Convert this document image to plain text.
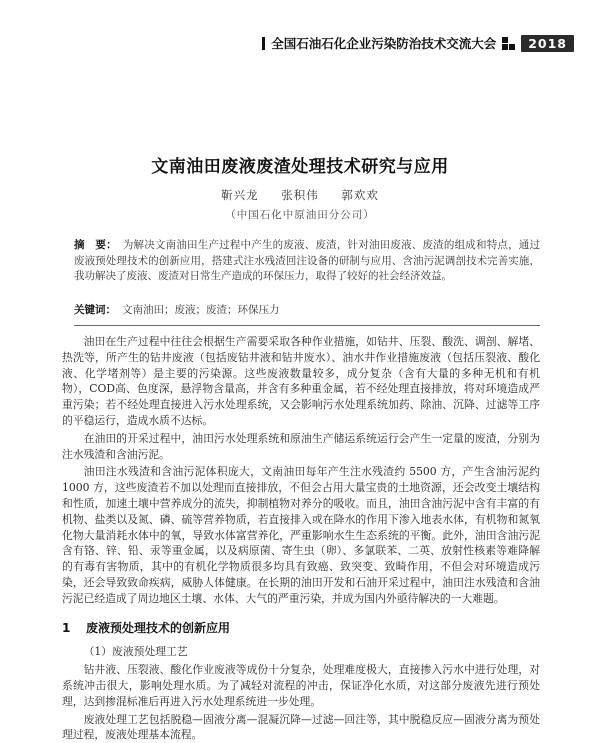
全国石油石化企业污染防治技术交流大会	2018
文南油田废液废渣处理技术研究与应用
靳兴龙 张积伟 郭欢欢
（中国石化中原油田分公司）
摘　要： 为解决文南油田生产过程中产生的废液、废渣，针对油田废液、废渣的组成和特点，通过废液预处理技术的创新应用，搭建式注水残渣回注设备的研制与应用、含油污泥调剖技术完善实施，我功解决了废液、废渣对日常生产造成的环保压力，取得了较好的社会经济效益。
关键词： 文南油田；废液；废渣；环保压力

油田在生产过程中往往会根据生产需要采取各种作业措施，如钻井、压裂、酸洗、调剖、解堵、热洗等，所产生的钻井废液（包括废钻井液和钻井废水）、油水井作业措施废液（包括压裂液、酸化液、化学堵剂等）是主要的污染源。这些废液数量较多，成分复杂（含有大量的多种无机和有机物），COD高、色度深，悬浮物含量高，并含有多种重金属，若不经处理直接排放，将对环境造成严重污染；若不经处理直接进入污水处理系统，又会影响污水处理系统加药、除油、沉降、过滤等工序的平稳运行，造成水质不达标。

在油田的开采过程中，油田污水处理系统和原油生产储运系统运行会产生一定量的废渣，分别为注水残渣和含油污泥。

油田注水残渣和含油污泥体积庞大，文南油田每年产生注水残渣约 5500 方，产生含油污泥约 1000 方，这些废渣若不加以处理而直接排放，不但会占用大量宝贵的土地资源，还会改变土壤结构和性质，加速土壤中营养成分的流失，抑制植物对养分的吸收。而且，油田含油污泥中含有丰富的有机物、盐类以及氮、磷、硫等营养物质，若直接排入或在降水的作用下渗入地表水体，有机物和氮氧化物大量消耗水体中的氧，导致水体富营养化，严重影响水生生态系统的平衡。此外，油田含油污泥含有铬、锌、铅、汞等重金属，以及病原菌、寄生虫（卵）、多氯联苯、二英、放射性核素等难降解的有毒有害物质，其中的有机化学物质很多均具有致癌、致突变、致畸作用，不但会对环境造成污染，还会导致致命疾病，威胁人体健康。在长期的油田开发和石油开采过程中，油田注水残渣和含油污泥已经造成了周边地区土壤、水体、大气的严重污染，并成为国内外亟待解决的一大难题。

1 废液预处理技术的创新应用
（1）废液预处理工艺

钻井液、压裂液、酸化作业废液等成份十分复杂，处理难度极大，直接掺入污水中进行处理，对系统冲击很大，影响处理水质。为了减轻对流程的冲击，保证净化水质，对这部分废液先进行预处理，达到掺混标准后再进入污水处理系统进一步处理。

废液处理工艺包括脱稳—固液分离—混凝沉降—过滤—回注等，其中脱稳反应—固液分离为预处理过程，废液处理基本流程。
